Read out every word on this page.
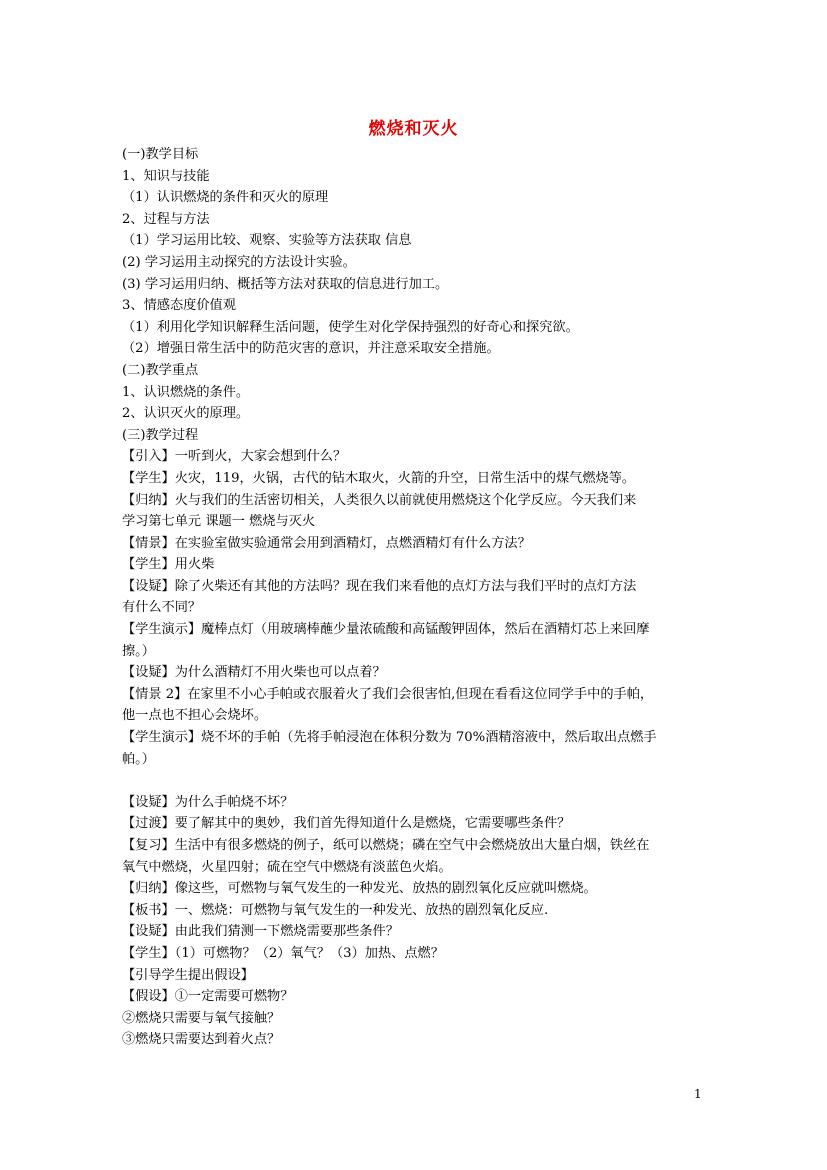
燃烧和灭火
(一)教学目标
1、知识与技能
（1）认识燃烧的条件和灭火的原理
2、过程与方法
（1）学习运用比较、观察、实验等方法获取 信息
(2) 学习运用主动探究的方法设计实验。
(3) 学习运用归纳、概括等方法对获取的信息进行加工。
3、情感态度价值观
（1）利用化学知识解释生活问题，使学生对化学保持强烈的好奇心和探究欲。
（2）增强日常生活中的防范灾害的意识，并注意采取安全措施。
(二)教学重点
1、认识燃烧的条件。
2、认识灭火的原理。
(三)教学过程
【引入】一听到火，大家会想到什么？
【学生】火灾，119，火锅，古代的钻木取火，火箭的升空，日常生活中的煤气燃烧等。
【归纳】火与我们的生活密切相关，人类很久以前就使用燃烧这个化学反应。今天我们来
学习第七单元 课题一 燃烧与灭火
【情景】在实验室做实验通常会用到酒精灯，点燃酒精灯有什么方法？
【学生】用火柴
【设疑】除了火柴还有其他的方法吗？现在我们来看他的点灯方法与我们平时的点灯方法
有什么不同？
【学生演示】魔棒点灯（用玻璃棒蘸少量浓硫酸和高锰酸钾固体，然后在酒精灯芯上来回摩
擦。）
【设疑】为什么酒精灯不用火柴也可以点着？
【情景 2】在家里不小心手帕或衣服着火了我们会很害怕,但现在看看这位同学手中的手帕，
他一点也不担心会烧坏。
【学生演示】烧不坏的手帕（先将手帕浸泡在体积分数为 70%酒精溶液中，然后取出点燃手
帕。）
【设疑】为什么手帕烧不坏？
【过渡】要了解其中的奥妙，我们首先得知道什么是燃烧，它需要哪些条件？
【复习】生活中有很多燃烧的例子，纸可以燃烧；磷在空气中会燃烧放出大量白烟，铁丝在
氧气中燃烧，火星四射；硫在空气中燃烧有淡蓝色火焰。
【归纳】像这些，可燃物与氧气发生的一种发光、放热的剧烈氧化反应就叫燃烧。
【板书】一、燃烧：可燃物与氧气发生的一种发光、放热的剧烈氧化反应.
【设疑】由此我们猜测一下燃烧需要那些条件？
【学生】（1）可燃物？（2）氧气？（3）加热、点燃？
【引导学生提出假设】
【假设】①一定需要可燃物？
②燃烧只需要与氧气接触？
③燃烧只需要达到着火点？
1
